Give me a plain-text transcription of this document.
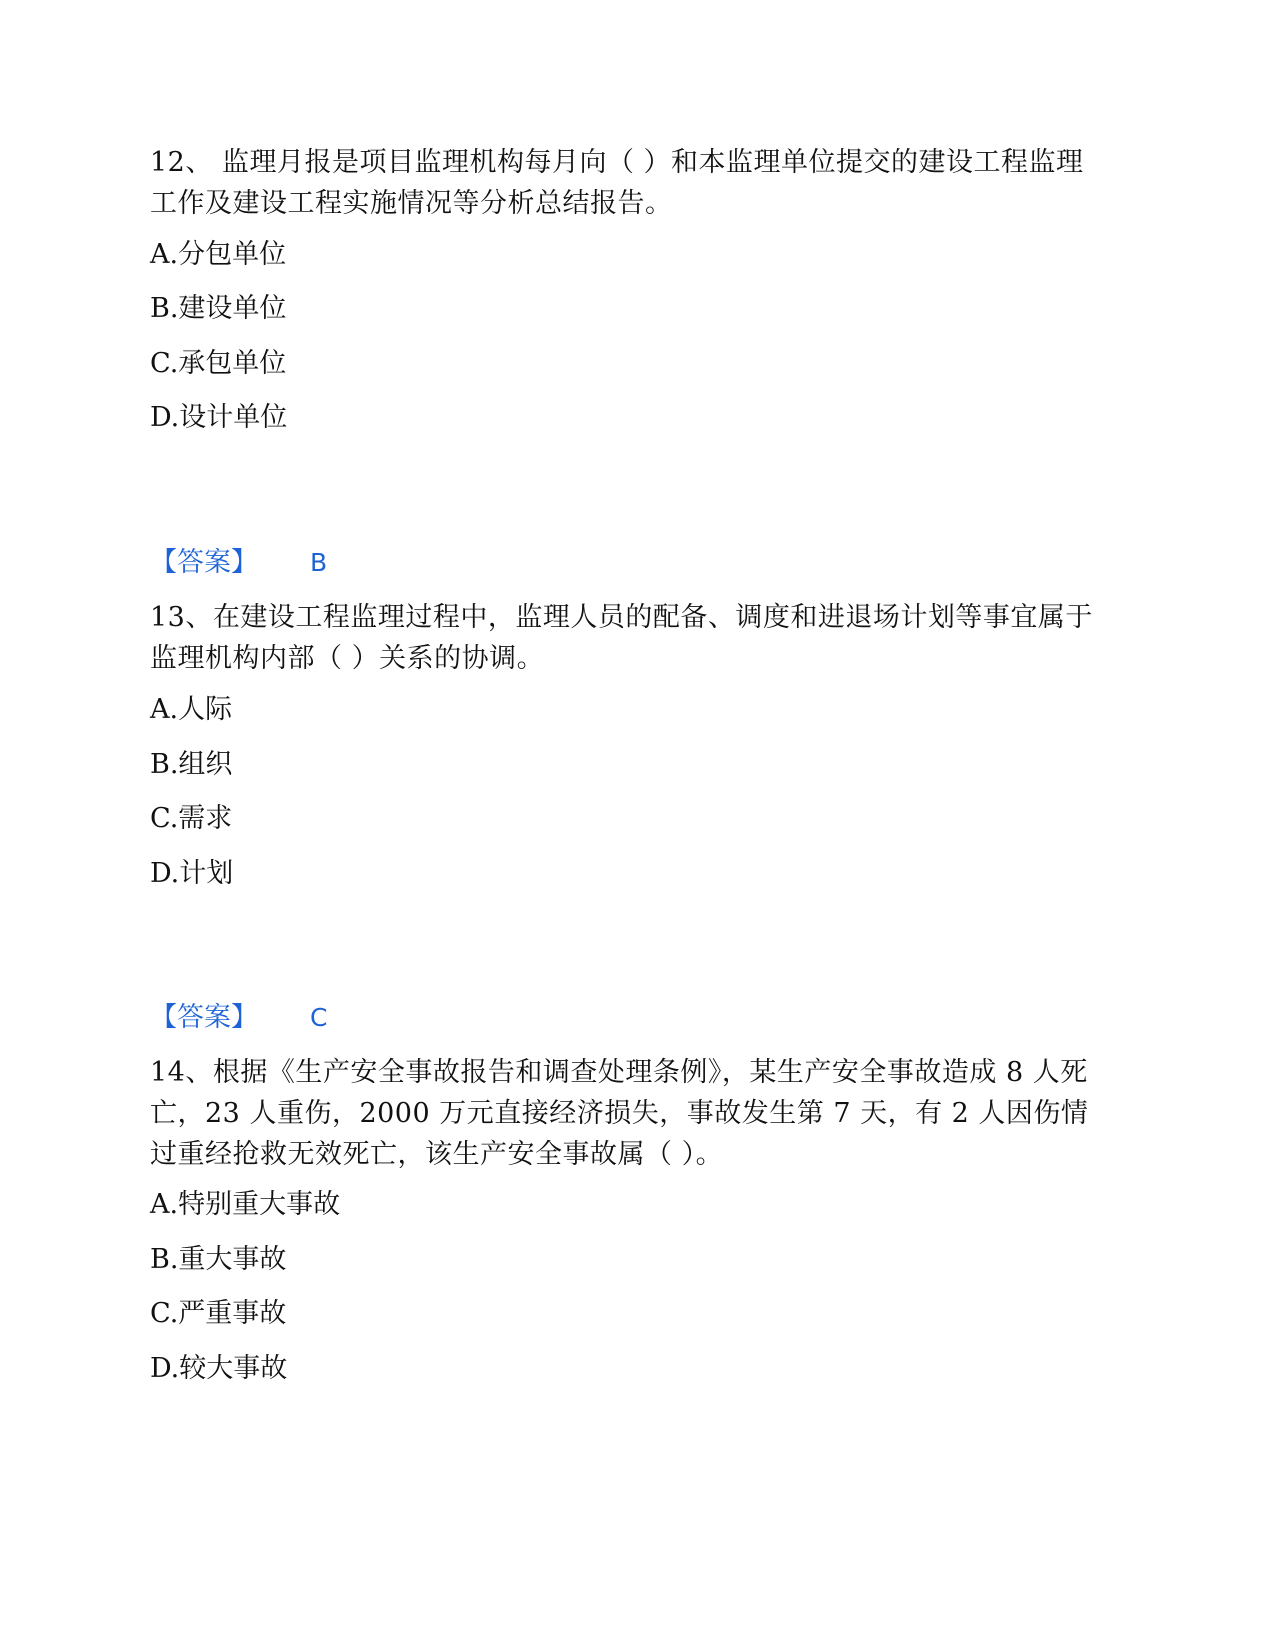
12、 监理月报是项目监理机构每月向（ ）和本监理单位提交的建设工程监理工作及建设工程实施情况等分析总结报告。

A.分包单位

B.建设单位

C.承包单位

D.设计单位

【答案】 B

13、在建设工程监理过程中，监理人员的配备、调度和进退场计划等事宜属于监理机构内部（ ）关系的协调。

A.人际

B.组织

C.需求

D.计划

【答案】 C

14、根据《生产安全事故报告和调查处理条例》，某生产安全事故造成 8 人死亡，23 人重伤，2000 万元直接经济损失，事故发生第 7 天，有 2 人因伤情过重经抢救无效死亡，该生产安全事故属（ ）。

A.特别重大事故

B.重大事故

C.严重事故

D.较大事故
